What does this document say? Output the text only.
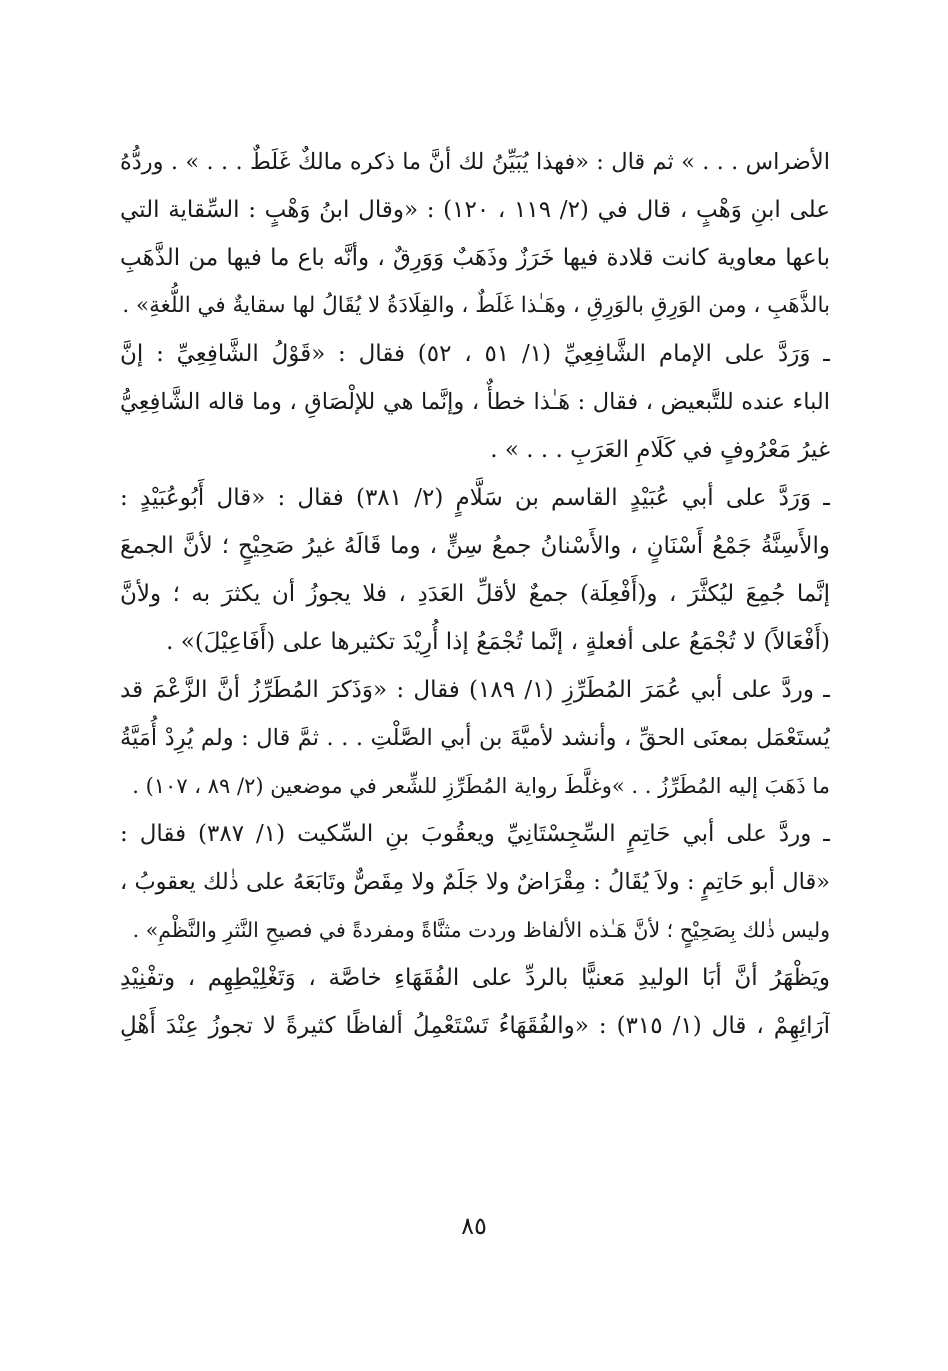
الأضراس . . . » ثم قال : «فهذا يُبَيِّنُ لك أنَّ ما ذكره مالكٌ غَلَطٌ . . . » . وردُّهُ
على ابنِ وَهْبٍ ، قال في (٢/ ١١٩ ، ١٢٠) : «وقال ابنُ وَهْبٍ : السِّقاية التي
باعها معاوية كانت قلادة فيها خَرَزٌ وذَهَبٌ وَوَرِقٌ ، وأنَّه باع ما فيها من الذَّهَبِ
بالذَّهَبِ ، ومن الوَرِقِ بالوَرِقِ ، وهَـٰذا غَلَطٌ ، والقِلَادَةُ لا يُقَالُ لها سقايةٌ في اللُّغةِ» .
ـ وَرَدَّ على الإمام الشَّافِعِيِّ (١/ ٥١ ، ٥٢) فقال : «قَوْلُ الشَّافِعِيِّ : إنَّ
الباء عنده للتَّبعيض ، فقال : هَـٰذا خطأٌ ، وإنَّما هي للإلْصَاقِ ، وما قاله الشَّافِعِيُّ
غيرُ مَعْرُوفٍ في كَلَامِ العَرَبِ . . . » .
ـ وَرَدَّ على أبي عُبَيْدٍ القاسم بن سَلَّامٍ (٢/ ٣٨١) فقال : «قال أَبُوعُبَيْدٍ :
والأَسِنَّةُ جَمْعُ أَسْنَانٍ ، والأَسْنانُ جمعُ سِنٍّ ، وما قَالَهُ غيرُ صَحِيْحٍ ؛ لأنَّ الجمعَ
إنَّما جُمِعَ ليُكثَّرَ ، و(أَفْعِلَة) جمعٌ لأقلِّ العَدَدِ ، فلا يجوزُ أن يكثرَ به ؛ ولأنَّ
(أَفْعَالاً) لا تُجْمَعُ على أفعلةٍ ، إنَّما تُجْمَعُ إذا أُرِيْدَ تكثيرها على (أَفَاعِيْلَ)» .
ـ وردَّ على أبي عُمَرَ المُطَرِّزِ (١/ ١٨٩) فقال : «وَذَكرَ المُطَرِّزُ أنَّ الزَّعْمَ قد
يُستَعْمَل بمعنَى الحقِّ ، وأنشد لأميَّةَ بن أبي الصَّلْتِ . . . ثمَّ قال : ولم يُرِدْ أُمَيَّةُ
ما ذَهَبَ إليه المُطَرِّزُ . . »وغلَّطَ رواية المُطَرِّزِ للشِّعر في موضعين (٢/ ٨٩ ، ١٠٧) .
ـ وردَّ على أبي حَاتِمٍ السِّجِسْتَانِيِّ ويعقُوبَ بنِ السِّكيت (١/ ٣٨٧) فقال :
«قال أبو حَاتِمٍ : ولاَ يُقَالُ : مِقْرَاضٌ ولا جَلَمٌ ولا مِقَصٌّ وتَابَعَهُ على ذٰلك يعقوبُ ،
وليس ذٰلك بِصَحِيْحٍ ؛ لأنَّ هَـٰذه الألفاظ وردت مثنَّاةً ومفردةً في فصيحِ النَّثرِ والنَّظْمِ» .
ويَظْهَرُ أنَّ أبَا الوليدِ مَعنيًّا بالردِّ على الفُقَهَاءِ خاصَّة ، وَتَغْلِيْطِهِم ، وتفْنِيْدِ
آرَائِهِمْ ، قال (١/ ٣١٥) : «والفُقَهَاءُ تَسْتَعْمِلُ ألفاظًا كثيرةً لا تجوزُ عِنْدَ أَهْلِ
٨٥
